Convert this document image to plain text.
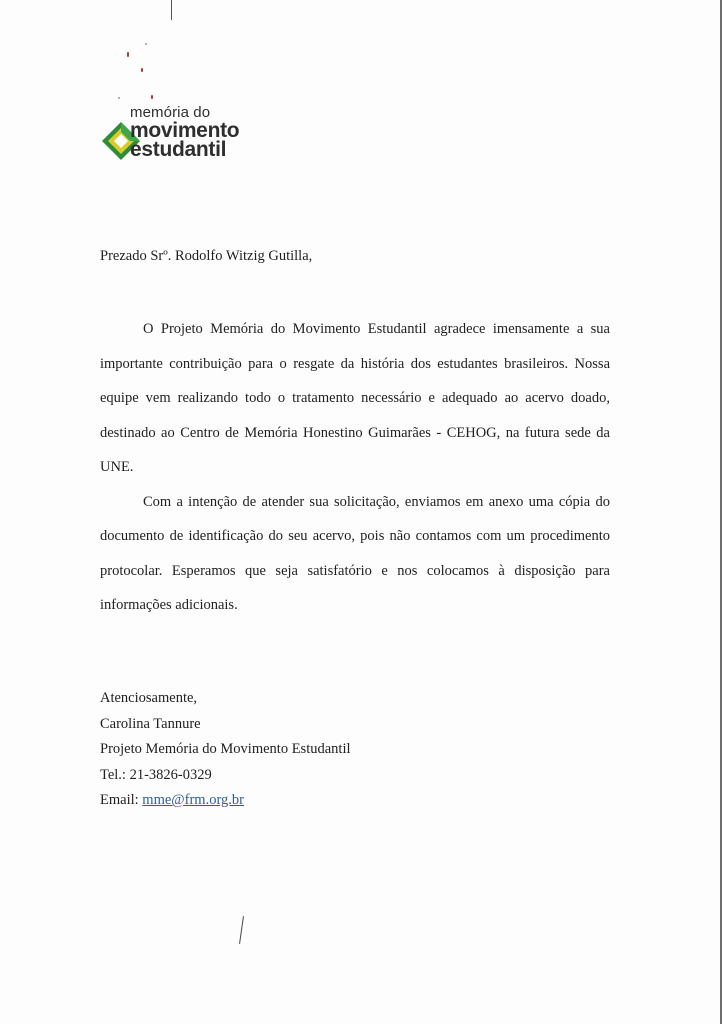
memória do
movimento
estudantil
Prezado Srº. Rodolfo Witzig Gutilla,

O Projeto Memória do Movimento Estudantil agradece imensamente a sua importante contribuição para o resgate da história dos estudantes brasileiros. Nossa equipe vem realizando todo o tratamento necessário e adequado ao acervo doado, destinado ao Centro de Memória Honestino Guimarães - CEHOG, na futura sede da UNE.

Com a intenção de atender sua solicitação, enviamos em anexo uma cópia do documento de identificação do seu acervo, pois não contamos com um procedimento protocolar. Esperamos que seja satisfatório e nos colocamos à disposição para informações adicionais.

Atenciosamente,
Carolina Tannure
Projeto Memória do Movimento Estudantil
Tel.: 21-3826-0329
Email: mme@frm.org.br
